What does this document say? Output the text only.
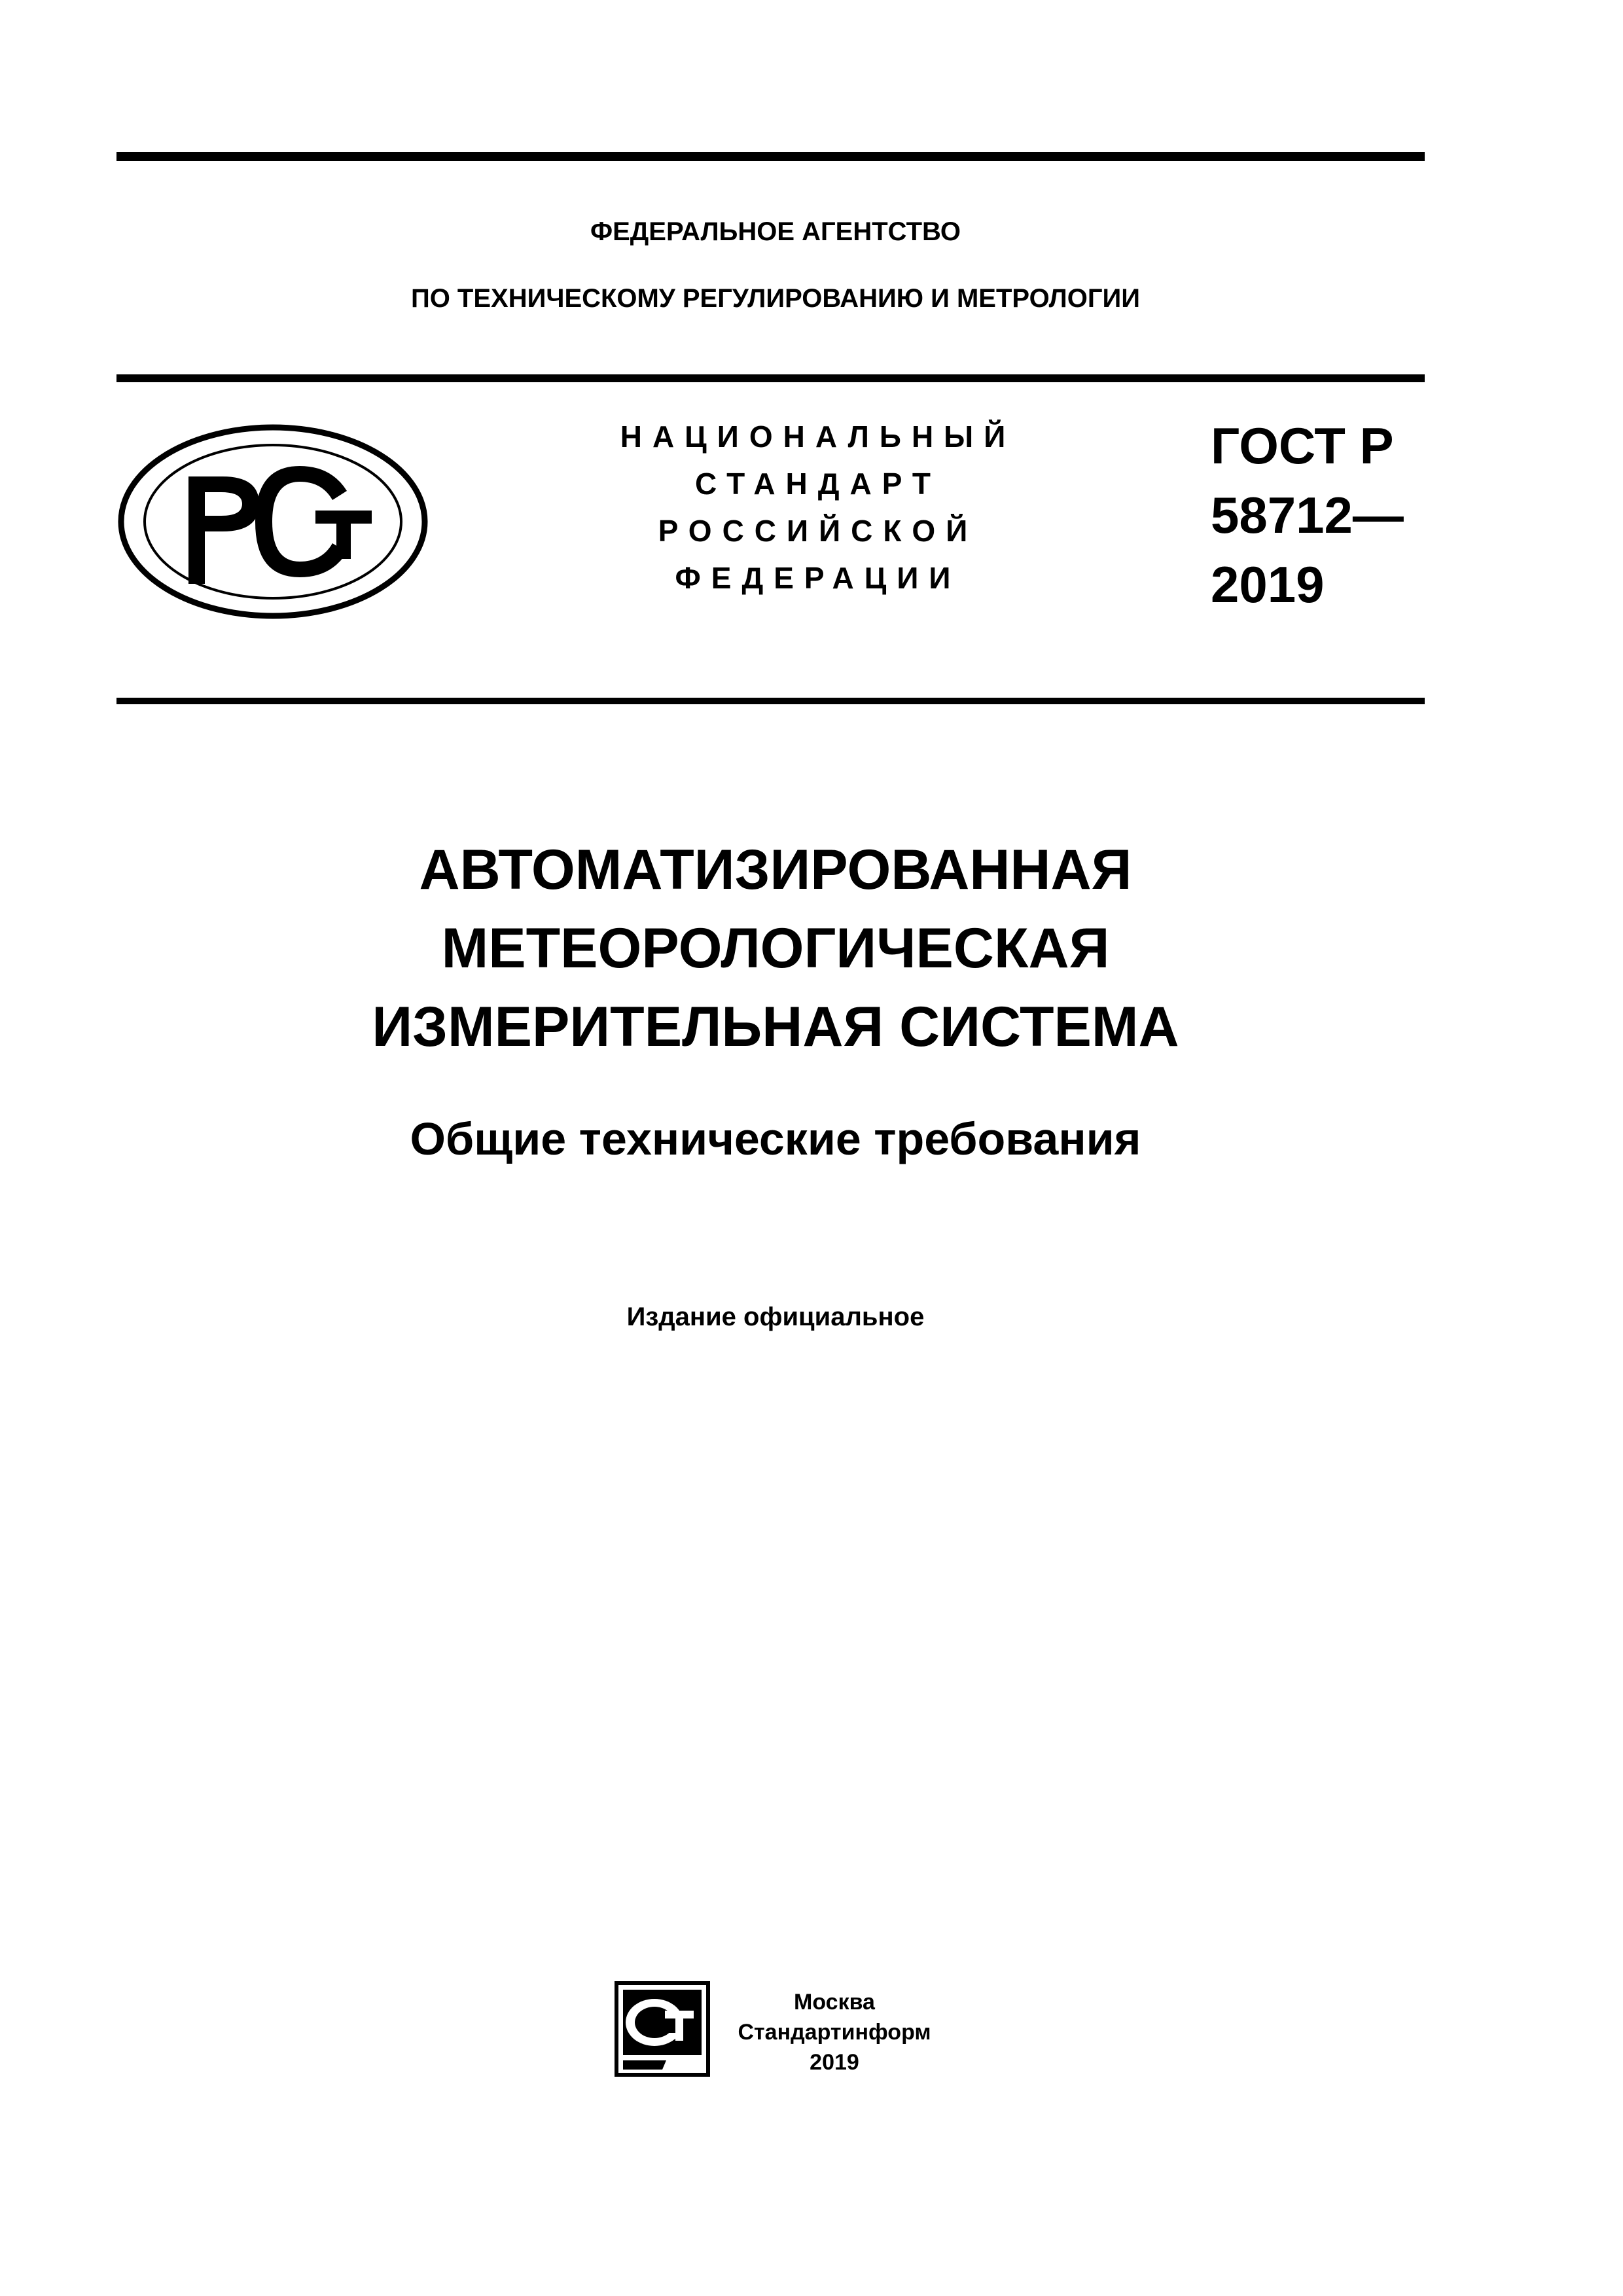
ФЕДЕРАЛЬНОЕ АГЕНТСТВО
ПО ТЕХНИЧЕСКОМУ РЕГУЛИРОВАНИЮ И МЕТРОЛОГИИ
НАЦИОНАЛЬНЫЙ
СТАНДАРТ
РОССИЙСКОЙ
ФЕДЕРАЦИИ
ГОСТ Р
58712—
2019
АВТОМАТИЗИРОВАННАЯ
МЕТЕОРОЛОГИЧЕСКАЯ
ИЗМЕРИТЕЛЬНАЯ СИСТЕМА
Общие технические требования
Издание официальное
Москва
Стандартинформ
2019
